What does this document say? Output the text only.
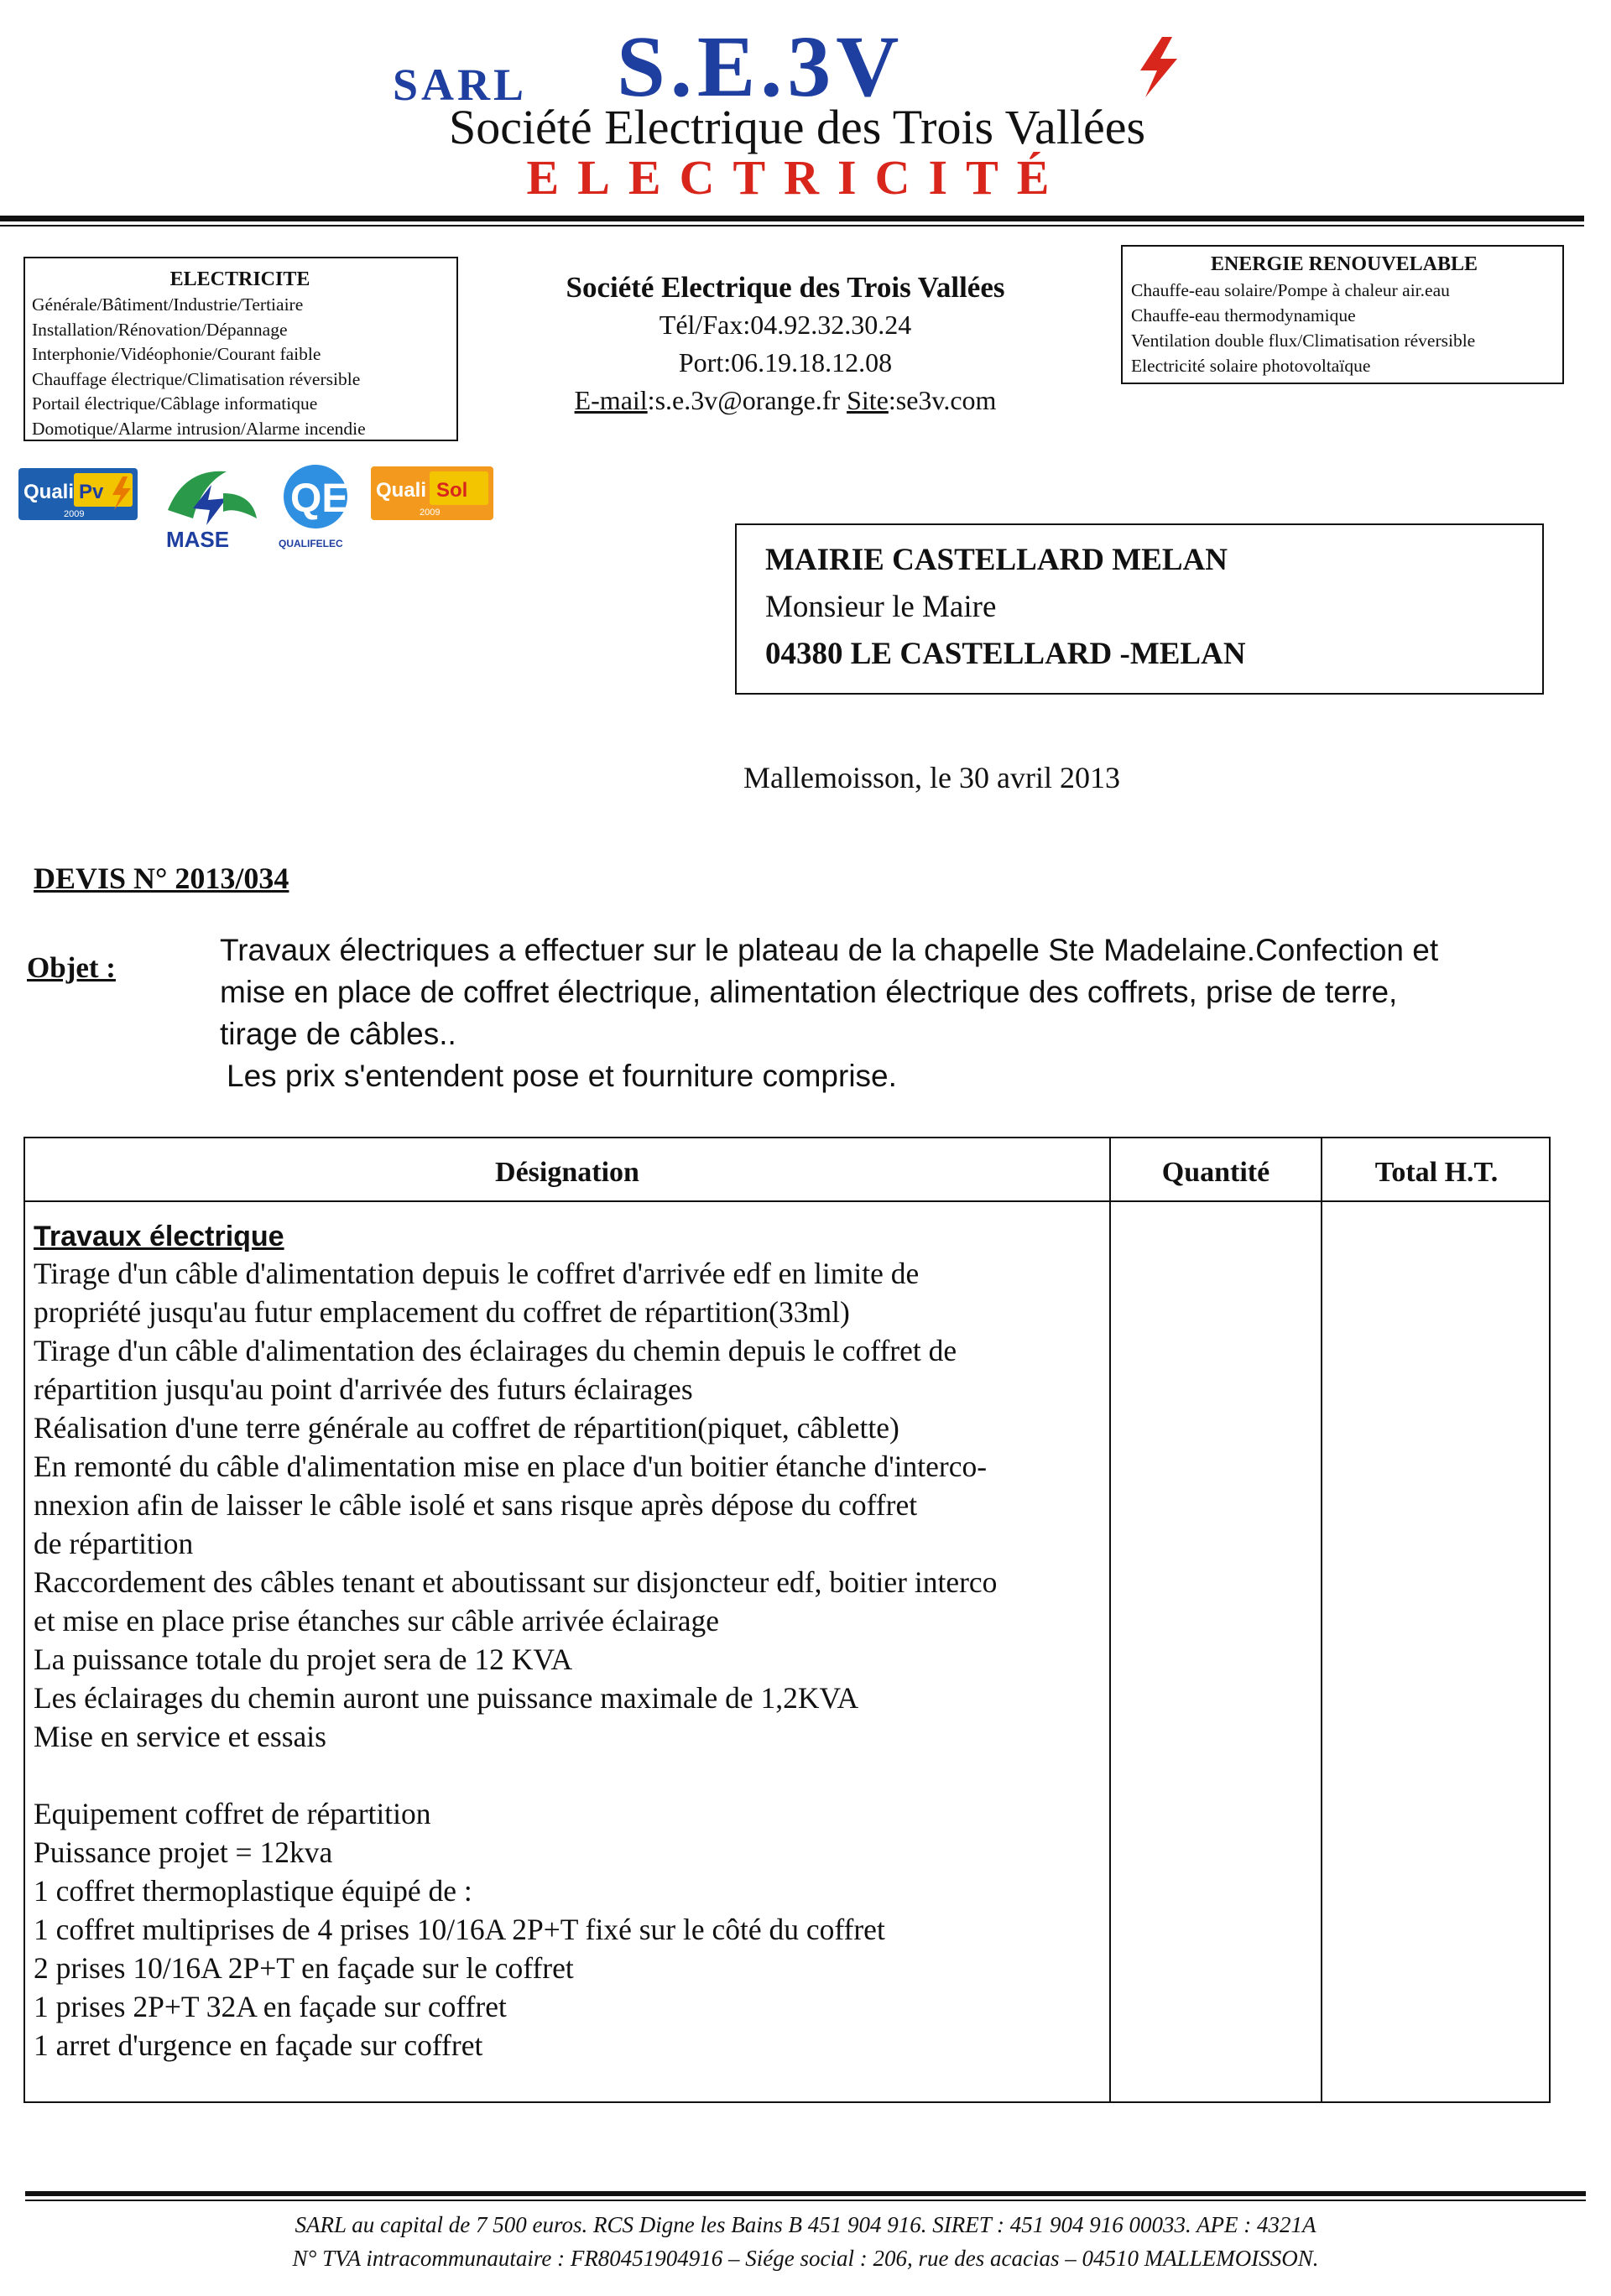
SARL S.E.3V
Société Electrique des Trois Vallées
ELECTRICITÉ
ELECTRICITE
Générale/Bâtiment/Industrie/Tertiaire
Installation/Rénovation/Dépannage
Interphonie/Vidéophonie/Courant faible
Chauffage électrique/Climatisation réversible
Portail électrique/Câblage informatique
Domotique/Alarme intrusion/Alarme incendie
Société Electrique des Trois Vallées
Tél/Fax:04.92.32.30.24
Port:06.19.18.12.08
E-mail:s.e.3v@orange.fr Site:se3v.com
ENERGIE RENOUVELABLE
Chauffe-eau solaire/Pompe à chaleur air.eau
Chauffe-eau thermodynamique
Ventilation double flux/Climatisation réversible
Electricité solaire photovoltaïque
Quali Pv
2009
MASE
QE
QUALIFELEC
Quali Sol
2009
MAIRIE CASTELLARD MELAN
Monsieur le Maire
04380 LE CASTELLARD -MELAN
Mallemoisson, le 30 avril 2013
DEVIS N° 2013/034
Objet :
Travaux électriques a effectuer sur le plateau de la chapelle Ste Madelaine.Confection et
mise en place de coffret électrique, alimentation électrique des coffrets, prise de terre,
tirage de câbles..
Les prix s'entendent pose et fourniture comprise.
Désignation	Quantité	Total H.T.
Travaux électrique
Tirage d'un câble d'alimentation depuis le coffret d'arrivée edf en limite de
propriété jusqu'au futur emplacement du coffret de répartition(33ml)
Tirage d'un câble d'alimentation des éclairages du chemin depuis le coffret de
répartition jusqu'au point d'arrivée des futurs éclairages
Réalisation d'une terre générale au coffret de répartition(piquet, câblette)
En remonté du câble d'alimentation mise en place d'un boitier étanche d'interco-
nnexion afin de laisser le câble isolé et sans risque après dépose du coffret
de répartition
Raccordement des câbles tenant et aboutissant sur disjoncteur edf, boitier interco
et mise en place prise étanches sur câble arrivée éclairage
La puissance totale du projet sera de 12 KVA
Les éclairages du chemin auront une puissance maximale de 1,2KVA
Mise en service et essais
Equipement coffret de répartition
Puissance projet = 12kva
1 coffret thermoplastique équipé de :
1 coffret multiprises de 4 prises 10/16A 2P+T fixé sur le côté du coffret
2 prises 10/16A 2P+T en façade sur le coffret
1 prises 2P+T 32A en façade sur coffret
1 arret d'urgence en façade sur coffret
SARL au capital de 7 500 euros. RCS Digne les Bains B 451 904 916. SIRET : 451 904 916 00033. APE : 4321A
N° TVA intracommunautaire : FR80451904916 – Siége social : 206, rue des acacias – 04510 MALLEMOISSON.
